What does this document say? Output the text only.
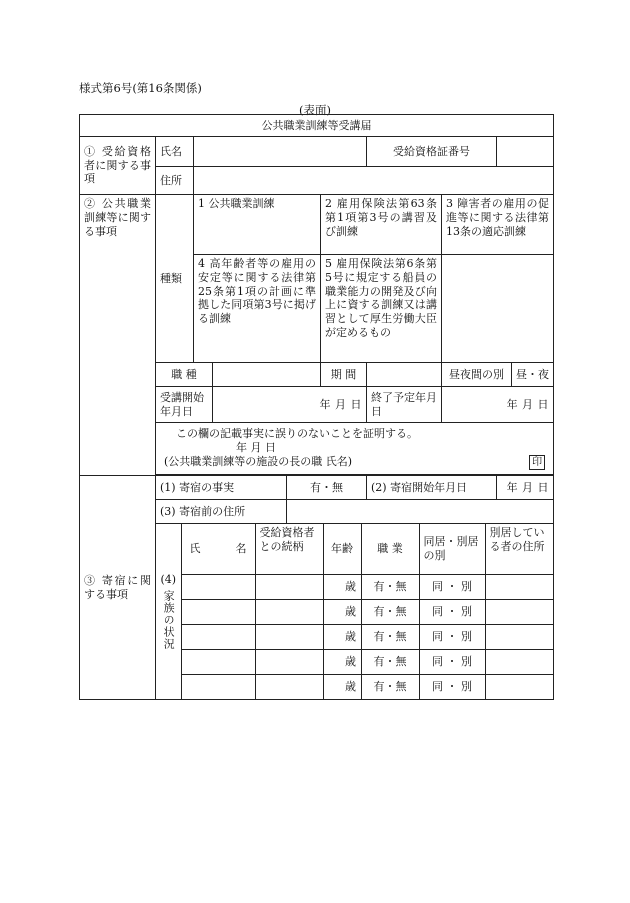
様式第6号(第16条関係)
(表面)
公共職業訓練等受講届
① 受給資格者に関する事項	氏名		受給資格証番号	
住所	
② 公共職業訓練等に関する事項	種類	1 公共職業訓練	2 雇用保険法第63条第1項第3号の講習及び訓練	3 障害者の雇用の促進等に関する法律第13条の適応訓練
4 高年齢者等の雇用の安定等に関する法律第25条第1項の計画に準拠した同項第3号に掲げる訓練	5 雇用保険法第6条第5号に規定する船員の職業能力の開発及び向上に資する訓練又は講習として厚生労働大臣が定めるもの	
職 種		期 間		昼夜間の別	昼・夜
受講開始年月日	年 月 日	終了予定年月日	年 月 日

この欄の記載事実に誤りのないことを証明する。
年 月 日
(公共職業訓練等の施設の長の職 氏名)	印

③ 寄宿に関する事項	(1) 寄宿の事実	有・無	(2) 寄宿開始年月日	年 月 日
(3) 寄宿前の住所	

(4)
家族の状況
	氏 名	受給資格者との続柄	年齢	職 業	同居・別居の別	別居している者の住所
		歳	有・無	同 ・ 別	
		歳	有・無	同 ・ 別	
		歳	有・無	同 ・ 別	
		歳	有・無	同 ・ 別	
		歳	有・無	同 ・ 別	
